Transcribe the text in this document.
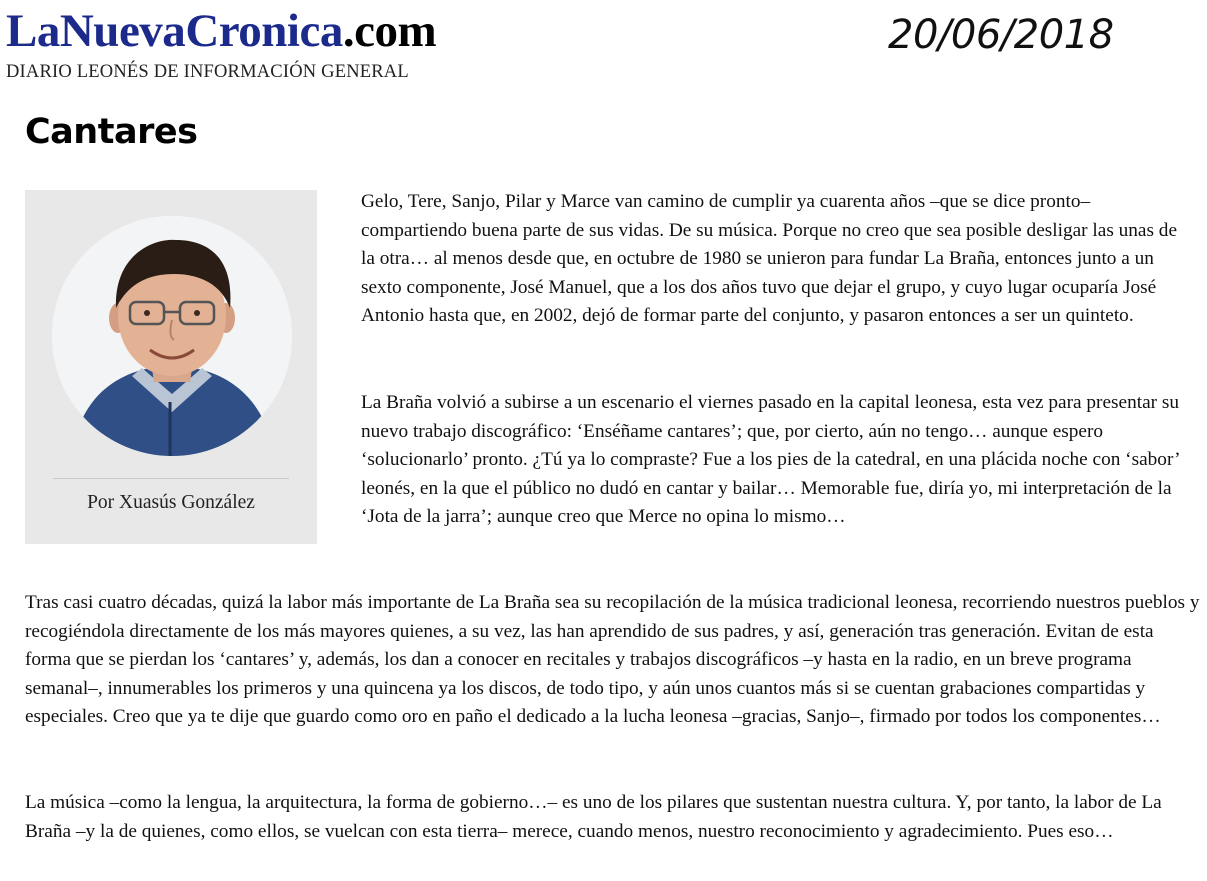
LaNuevaCronica.com
DIARIO LEONÉS DE INFORMACIÓN GENERAL
20/06/2018
Cantares
Por Xuasús González

Gelo, Tere, Sanjo, Pilar y Marce van camino de cumplir ya cuarenta años –que se dice pronto– compartiendo buena parte de sus vidas. De su música. Porque no creo que sea posible desligar las unas de la otra… al menos desde que, en octubre de 1980 se unieron para fundar La Braña, entonces junto a un sexto componente, José Manuel, que a los dos años tuvo que dejar el grupo, y cuyo lugar ocuparía José Antonio hasta que, en 2002, dejó de formar parte del conjunto, y pasaron entonces a ser un quinteto.

La Braña volvió a subirse a un escenario el viernes pasado en la capital leonesa, esta vez para presentar su nuevo trabajo discográfico: ‘Enséñame cantares’; que, por cierto, aún no tengo… aunque espero ‘solucionarlo’ pronto. ¿Tú ya lo compraste? Fue a los pies de la catedral, en una plácida noche con ‘sabor’ leonés, en la que el público no dudó en cantar y bailar… Memorable fue, diría yo, mi interpretación de la ‘Jota de la jarra’; aunque creo que Merce no opina lo mismo…

Tras casi cuatro décadas, quizá la labor más importante de La Braña sea su recopilación de la música tradicional leonesa, recorriendo nuestros pueblos y recogiéndola directamente de los más mayores quienes, a su vez, las han aprendido de sus padres, y así, generación tras generación. Evitan de esta forma que se pierdan los ‘cantares’ y, además, los dan a conocer en recitales y trabajos discográficos –y hasta en la radio, en un breve programa semanal–, innumerables los primeros y una quincena ya los discos, de todo tipo, y aún unos cuantos más si se cuentan grabaciones compartidas y especiales. Creo que ya te dije que guardo como oro en paño el dedicado a la lucha leonesa –gracias, Sanjo–, firmado por todos los componentes…

La música –como la lengua, la arquitectura, la forma de gobierno…– es uno de los pilares que sustentan nuestra cultura. Y, por tanto, la labor de La Braña –y la de quienes, como ellos, se vuelcan con esta tierra– merece, cuando menos, nuestro reconocimiento y agradecimiento. Pues eso…
